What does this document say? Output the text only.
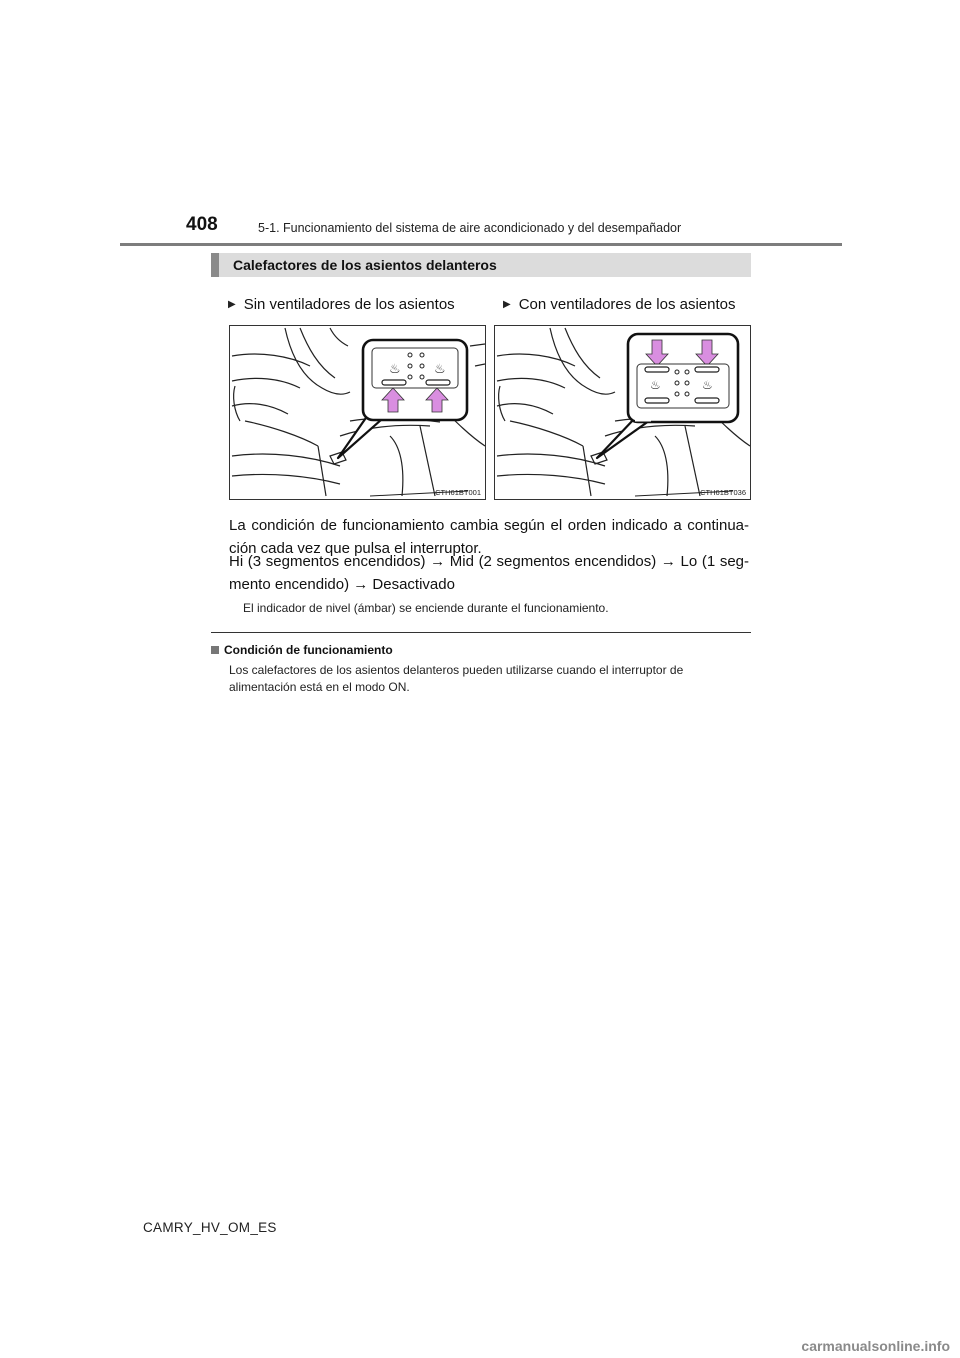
408	5-1. Funcionamiento del sistema de aire acondicionado y del desempañador
Calefactores de los asientos delanteros
▶ Sin ventiladores de los asientos	▶ Con ventiladores de los asientos
♨	♨
CTH61BT001
♨	♨
CTH61BT036
La condición de funcionamiento cambia según el orden indicado a continua-ción cada vez que pulsa el interruptor.
Hi (3 segmentos encendidos) → Mid (2 segmentos encendidos) → Lo (1 seg-mento encendido) → Desactivado
El indicador de nivel (ámbar) se enciende durante el funcionamiento.
Condición de funcionamiento
Los calefactores de los asientos delanteros pueden utilizarse cuando el interruptor de alimentación está en el modo ON.
CAMRY_HV_OM_ES
carmanualsonline.info
